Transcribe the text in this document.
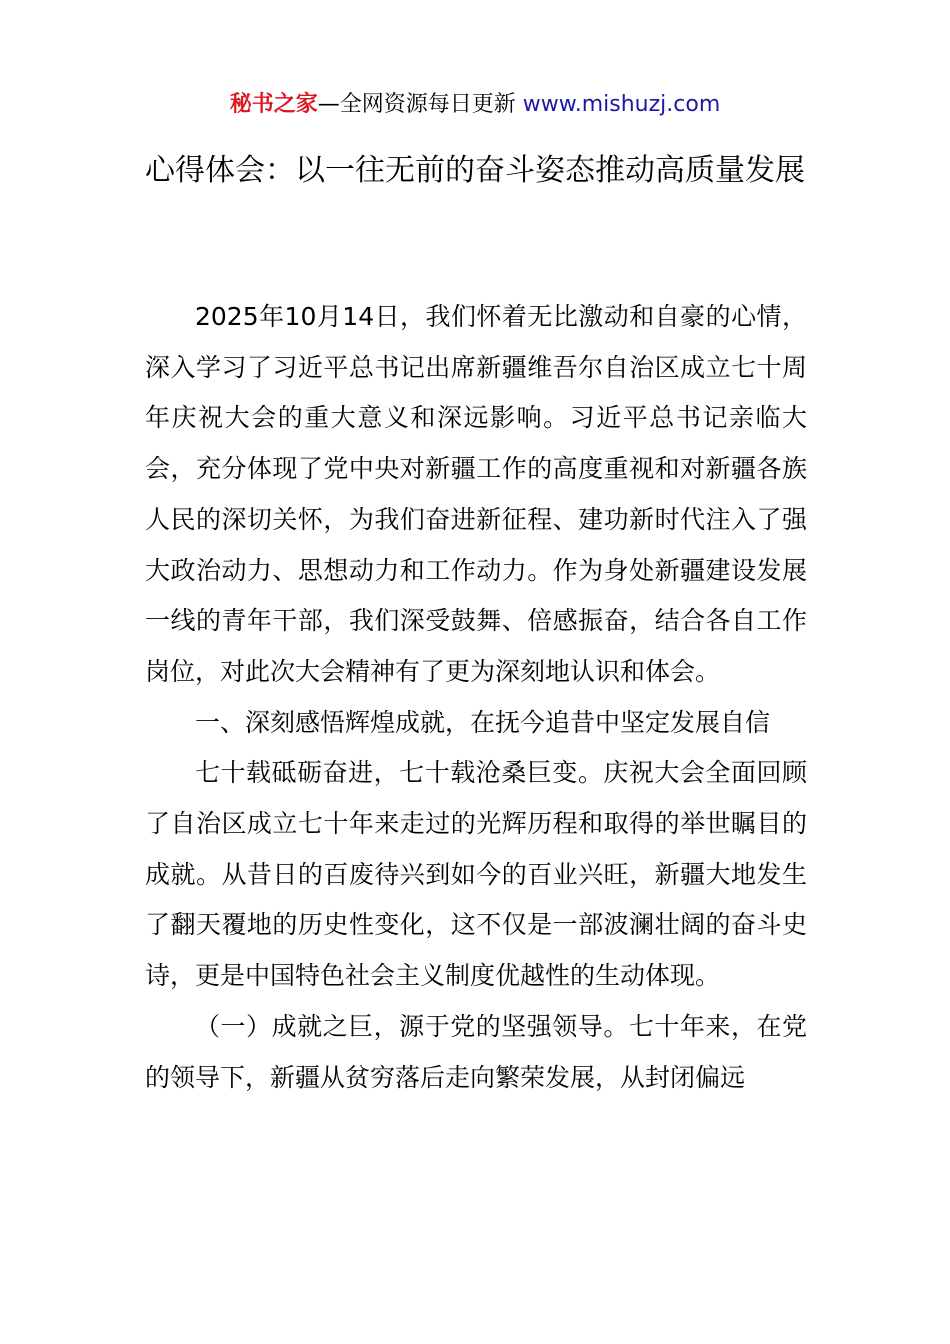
秘书之家—全网资源每日更新 www.mishuzj.com
心得体会：以一往无前的奋斗姿态推动高质量发展

2025年10月14日，我们怀着无比激动和自豪的心情，深入学习了习近平总书记出席新疆维吾尔自治区成立七十周年庆祝大会的重大意义和深远影响。习近平总书记亲临大会，充分体现了党中央对新疆工作的高度重视和对新疆各族人民的深切关怀，为我们奋进新征程、建功新时代注入了强大政治动力、思想动力和工作动力。作为身处新疆建设发展一线的青年干部，我们深受鼓舞、倍感振奋，结合各自工作岗位，对此次大会精神有了更为深刻地认识和体会。

一、深刻感悟辉煌成就，在抚今追昔中坚定发展自信

七十载砥砺奋进，七十载沧桑巨变。庆祝大会全面回顾了自治区成立七十年来走过的光辉历程和取得的举世瞩目的成就。从昔日的百废待兴到如今的百业兴旺，新疆大地发生了翻天覆地的历史性变化，这不仅是一部波澜壮阔的奋斗史诗，更是中国特色社会主义制度优越性的生动体现。

（一）成就之巨，源于党的坚强领导。七十年来，在党的领导下，新疆从贫穷落后走向繁荣发展，从封闭偏远
